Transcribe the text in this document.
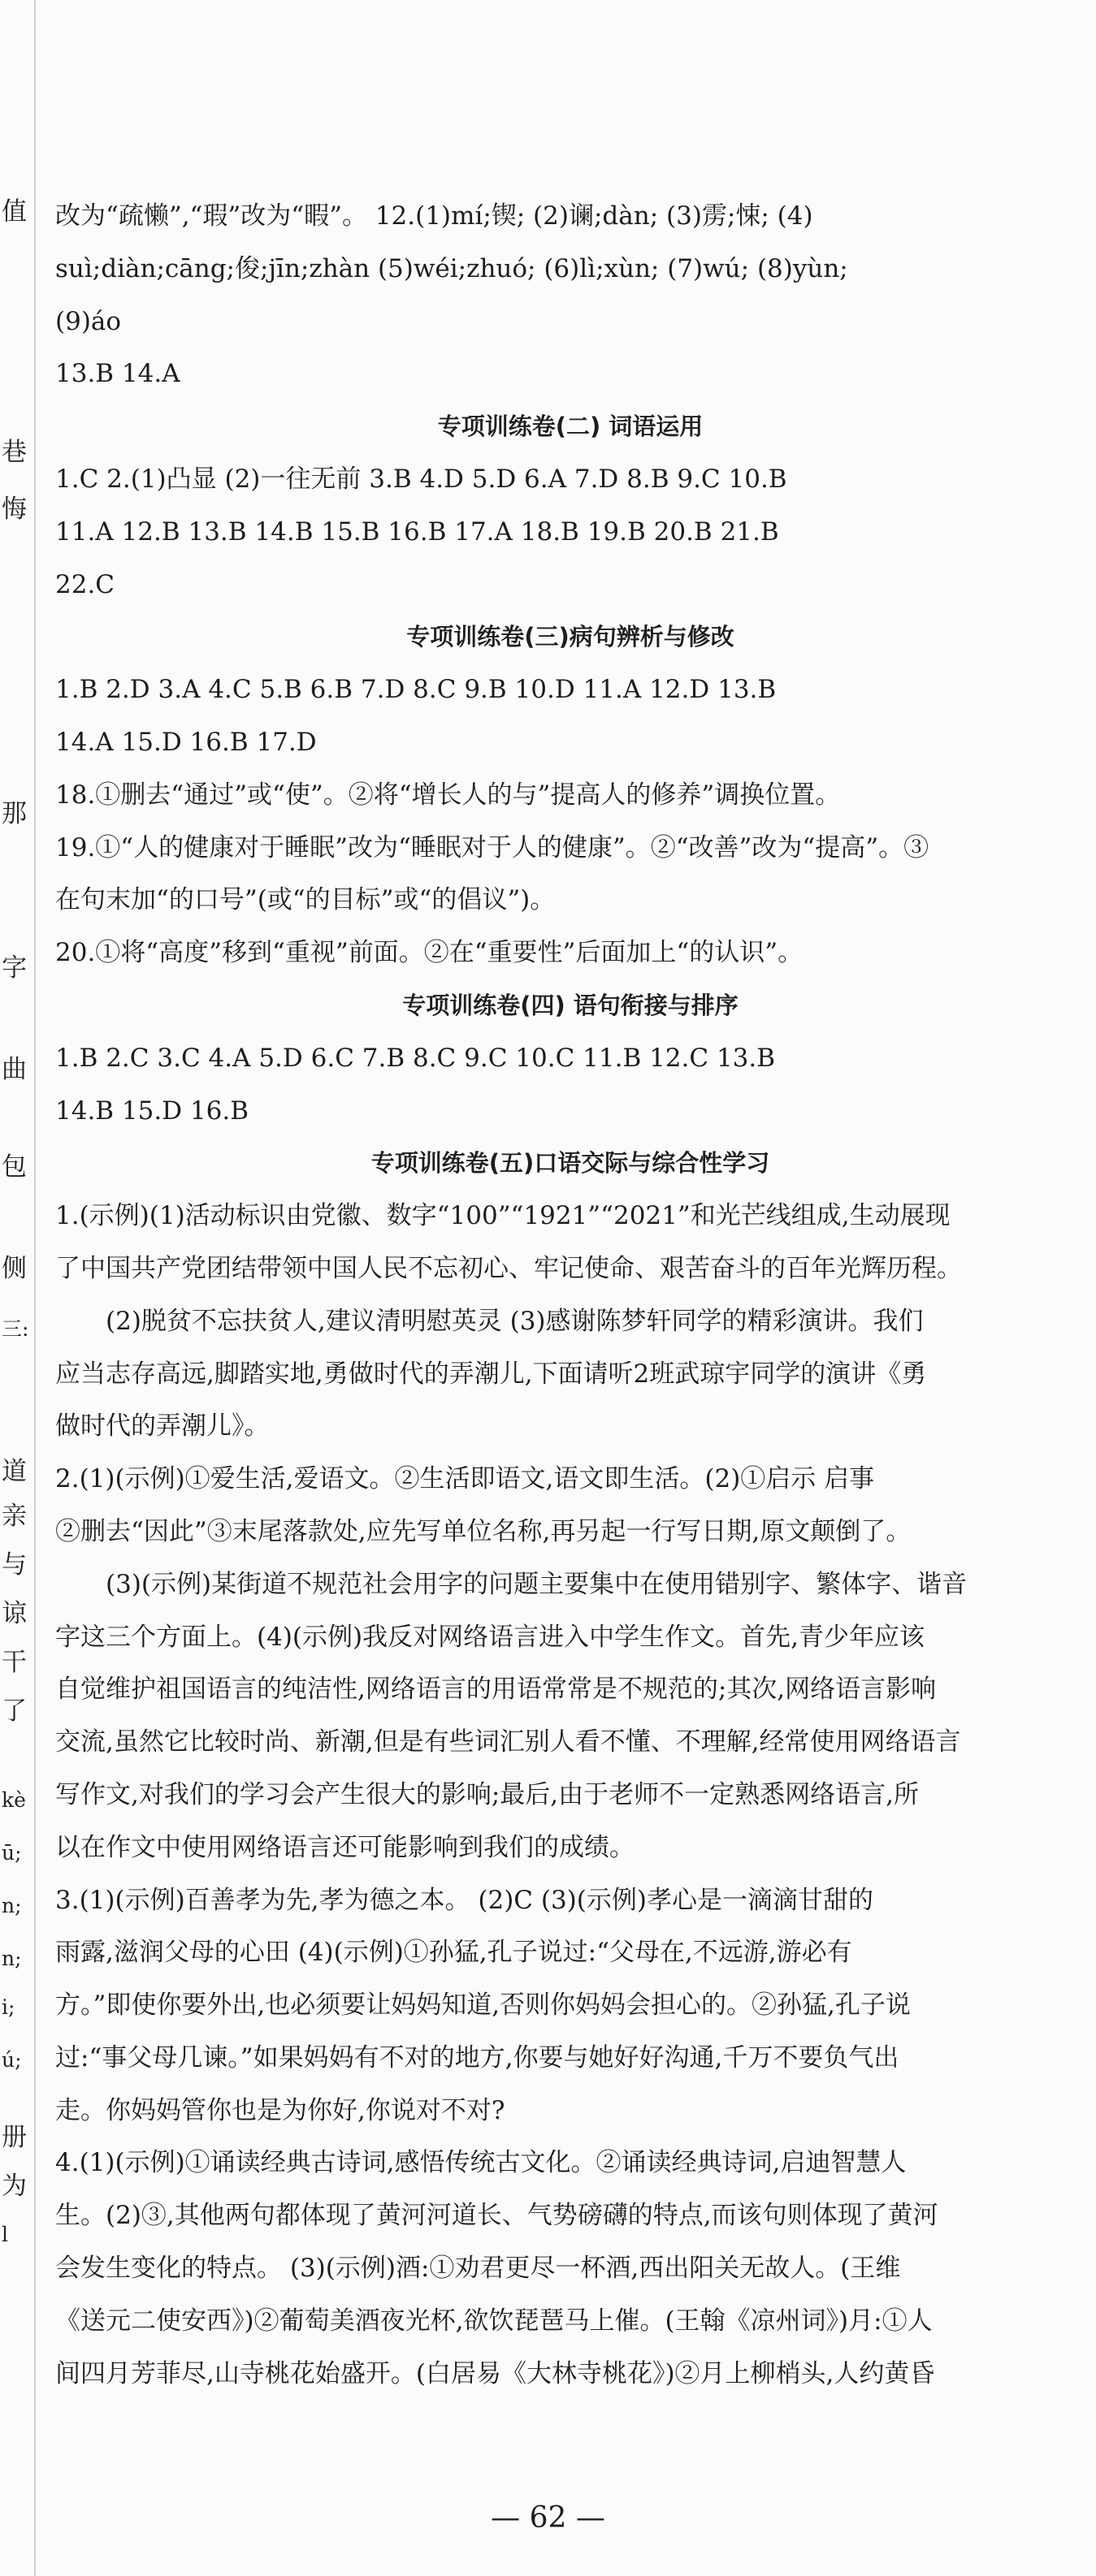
值
巷
悔
那
字
曲
包
侧
三:
道
亲
与
谅
干
了
kè
ū;
n;
n;
i;
ú;
册
为
l
改为“疏懒”,“瑕”改为“暇”。 12.(1)mí;锲; (2)谰;dàn; (3)雳;悚; (4)
suì;diàn;cāng;俊;jīn;zhàn (5)wéi;zhuó; (6)lì;xùn; (7)wú; (8)yùn;
(9)áo
13.B 14.A
专项训练卷(二) 词语运用
1.C 2.(1)凸显 (2)一往无前 3.B 4.D 5.D 6.A 7.D 8.B 9.C 10.B
11.A 12.B 13.B 14.B 15.B 16.B 17.A 18.B 19.B 20.B 21.B
22.C
专项训练卷(三)病句辨析与修改
1.B 2.D 3.A 4.C 5.B 6.B 7.D 8.C 9.B 10.D 11.A 12.D 13.B
14.A 15.D 16.B 17.D
18.①删去“通过”或“使”。②将“增长人的与”提高人的修养”调换位置。
19.①“人的健康对于睡眠”改为“睡眠对于人的健康”。②“改善”改为“提高”。③
在句末加“的口号”(或“的目标”或“的倡议”)。
20.①将“高度”移到“重视”前面。②在“重要性”后面加上“的认识”。
专项训练卷(四) 语句衔接与排序
1.B 2.C 3.C 4.A 5.D 6.C 7.B 8.C 9.C 10.C 11.B 12.C 13.B
14.B 15.D 16.B
专项训练卷(五)口语交际与综合性学习
1.(示例)(1)活动标识由党徽、数字“100”“1921”“2021”和光芒线组成,生动展现
了中国共产党团结带领中国人民不忘初心、牢记使命、艰苦奋斗的百年光辉历程。
(2)脱贫不忘扶贫人,建议清明慰英灵 (3)感谢陈梦轩同学的精彩演讲。我们
应当志存高远,脚踏实地,勇做时代的弄潮儿,下面请听2班武琼宇同学的演讲《勇
做时代的弄潮儿》。
2.(1)(示例)①爱生活,爱语文。②生活即语文,语文即生活。(2)①启示 启事
②删去“因此”③末尾落款处,应先写单位名称,再另起一行写日期,原文颠倒了。
(3)(示例)某街道不规范社会用字的问题主要集中在使用错别字、繁体字、谐音
字这三个方面上。(4)(示例)我反对网络语言进入中学生作文。首先,青少年应该
自觉维护祖国语言的纯洁性,网络语言的用语常常是不规范的;其次,网络语言影响
交流,虽然它比较时尚、新潮,但是有些词汇别人看不懂、不理解,经常使用网络语言
写作文,对我们的学习会产生很大的影响;最后,由于老师不一定熟悉网络语言,所
以在作文中使用网络语言还可能影响到我们的成绩。
3.(1)(示例)百善孝为先,孝为德之本。 (2)C (3)(示例)孝心是一滴滴甘甜的
雨露,滋润父母的心田 (4)(示例)①孙猛,孔子说过:“父母在,不远游,游必有
方。”即使你要外出,也必须要让妈妈知道,否则你妈妈会担心的。②孙猛,孔子说
过:“事父母几谏。”如果妈妈有不对的地方,你要与她好好沟通,千万不要负气出
走。你妈妈管你也是为你好,你说对不对?
4.(1)(示例)①诵读经典古诗词,感悟传统古文化。②诵读经典诗词,启迪智慧人
生。(2)③,其他两句都体现了黄河河道长、气势磅礴的特点,而该句则体现了黄河
会发生变化的特点。 (3)(示例)酒:①劝君更尽一杯酒,西出阳关无故人。(王维
《送元二使安西》)②葡萄美酒夜光杯,欲饮琵琶马上催。(王翰《凉州词》)月:①人
间四月芳菲尽,山寺桃花始盛开。(白居易《大林寺桃花》)②月上柳梢头,人约黄昏
— 62 —
